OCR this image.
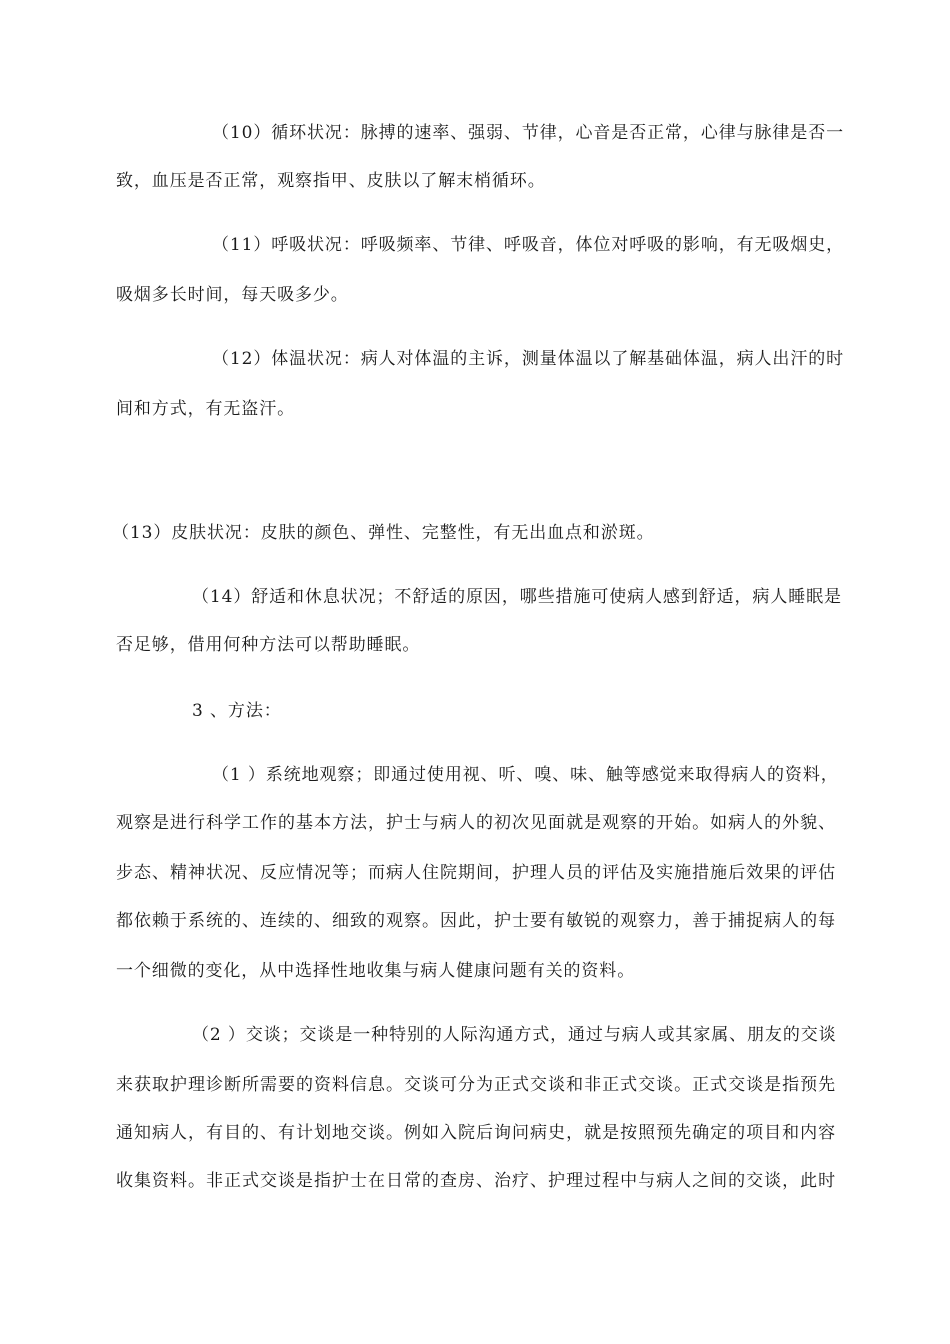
（10）循环状况：脉搏的速率、强弱、节律，心音是否正常，心律与脉律是否一
致，血压是否正常，观察指甲、皮肤以了解末梢循环。
（11）呼吸状况：呼吸频率、节律、呼吸音，体位对呼吸的影响，有无吸烟史，
吸烟多长时间，每天吸多少。
（12）体温状况：病人对体温的主诉，测量体温以了解基础体温，病人出汗的时
间和方式，有无盗汗。
（13）皮肤状况：皮肤的颜色、弹性、完整性，有无出血点和淤斑。
（14）舒适和休息状况；不舒适的原因，哪些措施可使病人感到舒适，病人睡眠是
否足够，借用何种方法可以帮助睡眠。
3 、方法：
（1 ）系统地观察；即通过使用视、听、嗅、味、触等感觉来取得病人的资料，
观察是进行科学工作的基本方法，护士与病人的初次见面就是观察的开始。如病人的外貌、
步态、精神状况、反应情况等；而病人住院期间，护理人员的评估及实施措施后效果的评估
都依赖于系统的、连续的、细致的观察。因此，护士要有敏锐的观察力，善于捕捉病人的每
一个细微的变化，从中选择性地收集与病人健康问题有关的资料。
（2 ）交谈；交谈是一种特别的人际沟通方式，通过与病人或其家属、朋友的交谈
来获取护理诊断所需要的资料信息。交谈可分为正式交谈和非正式交谈。正式交谈是指预先
通知病人，有目的、有计划地交谈。例如入院后询问病史，就是按照预先确定的项目和内容
收集资料。非正式交谈是指护士在日常的查房、治疗、护理过程中与病人之间的交谈，此时
